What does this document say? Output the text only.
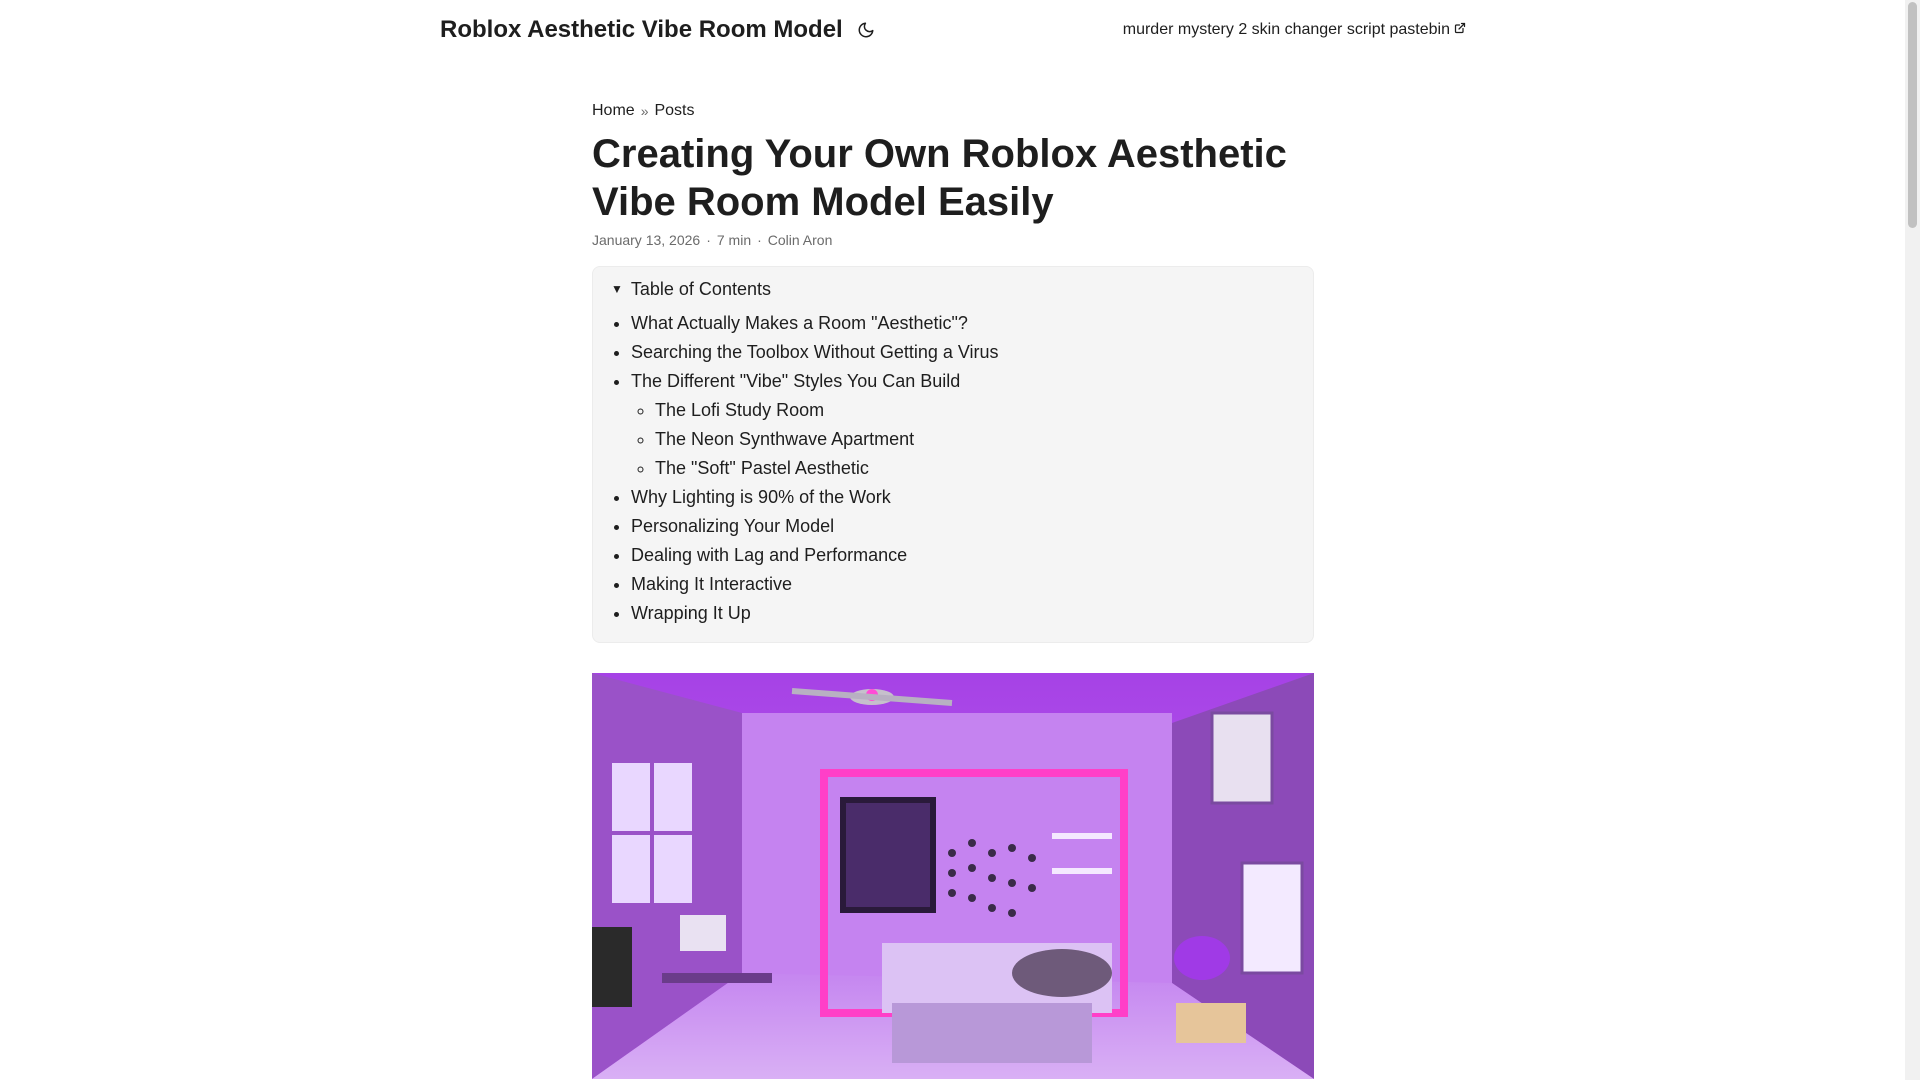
Roblox Aesthetic Vibe Room Model	murder mystery 2 skin changer script pastebin
Home » Posts
Creating Your Own Roblox Aesthetic Vibe Room Model Easily
January 13, 2026 · 7 min · Colin Aron
▼ Table of Contents
• What Actually Makes a Room "Aesthetic"?
• Searching the Toolbox Without Getting a Virus
• The Different "Vibe" Styles You Can Build
◦ The Lofi Study Room
◦ The Neon Synthwave Apartment
◦ The "Soft" Pastel Aesthetic
• Why Lighting is 90% of the Work
• Personalizing Your Model
• Dealing with Lag and Performance
• Making It Interactive
• Wrapping It Up
